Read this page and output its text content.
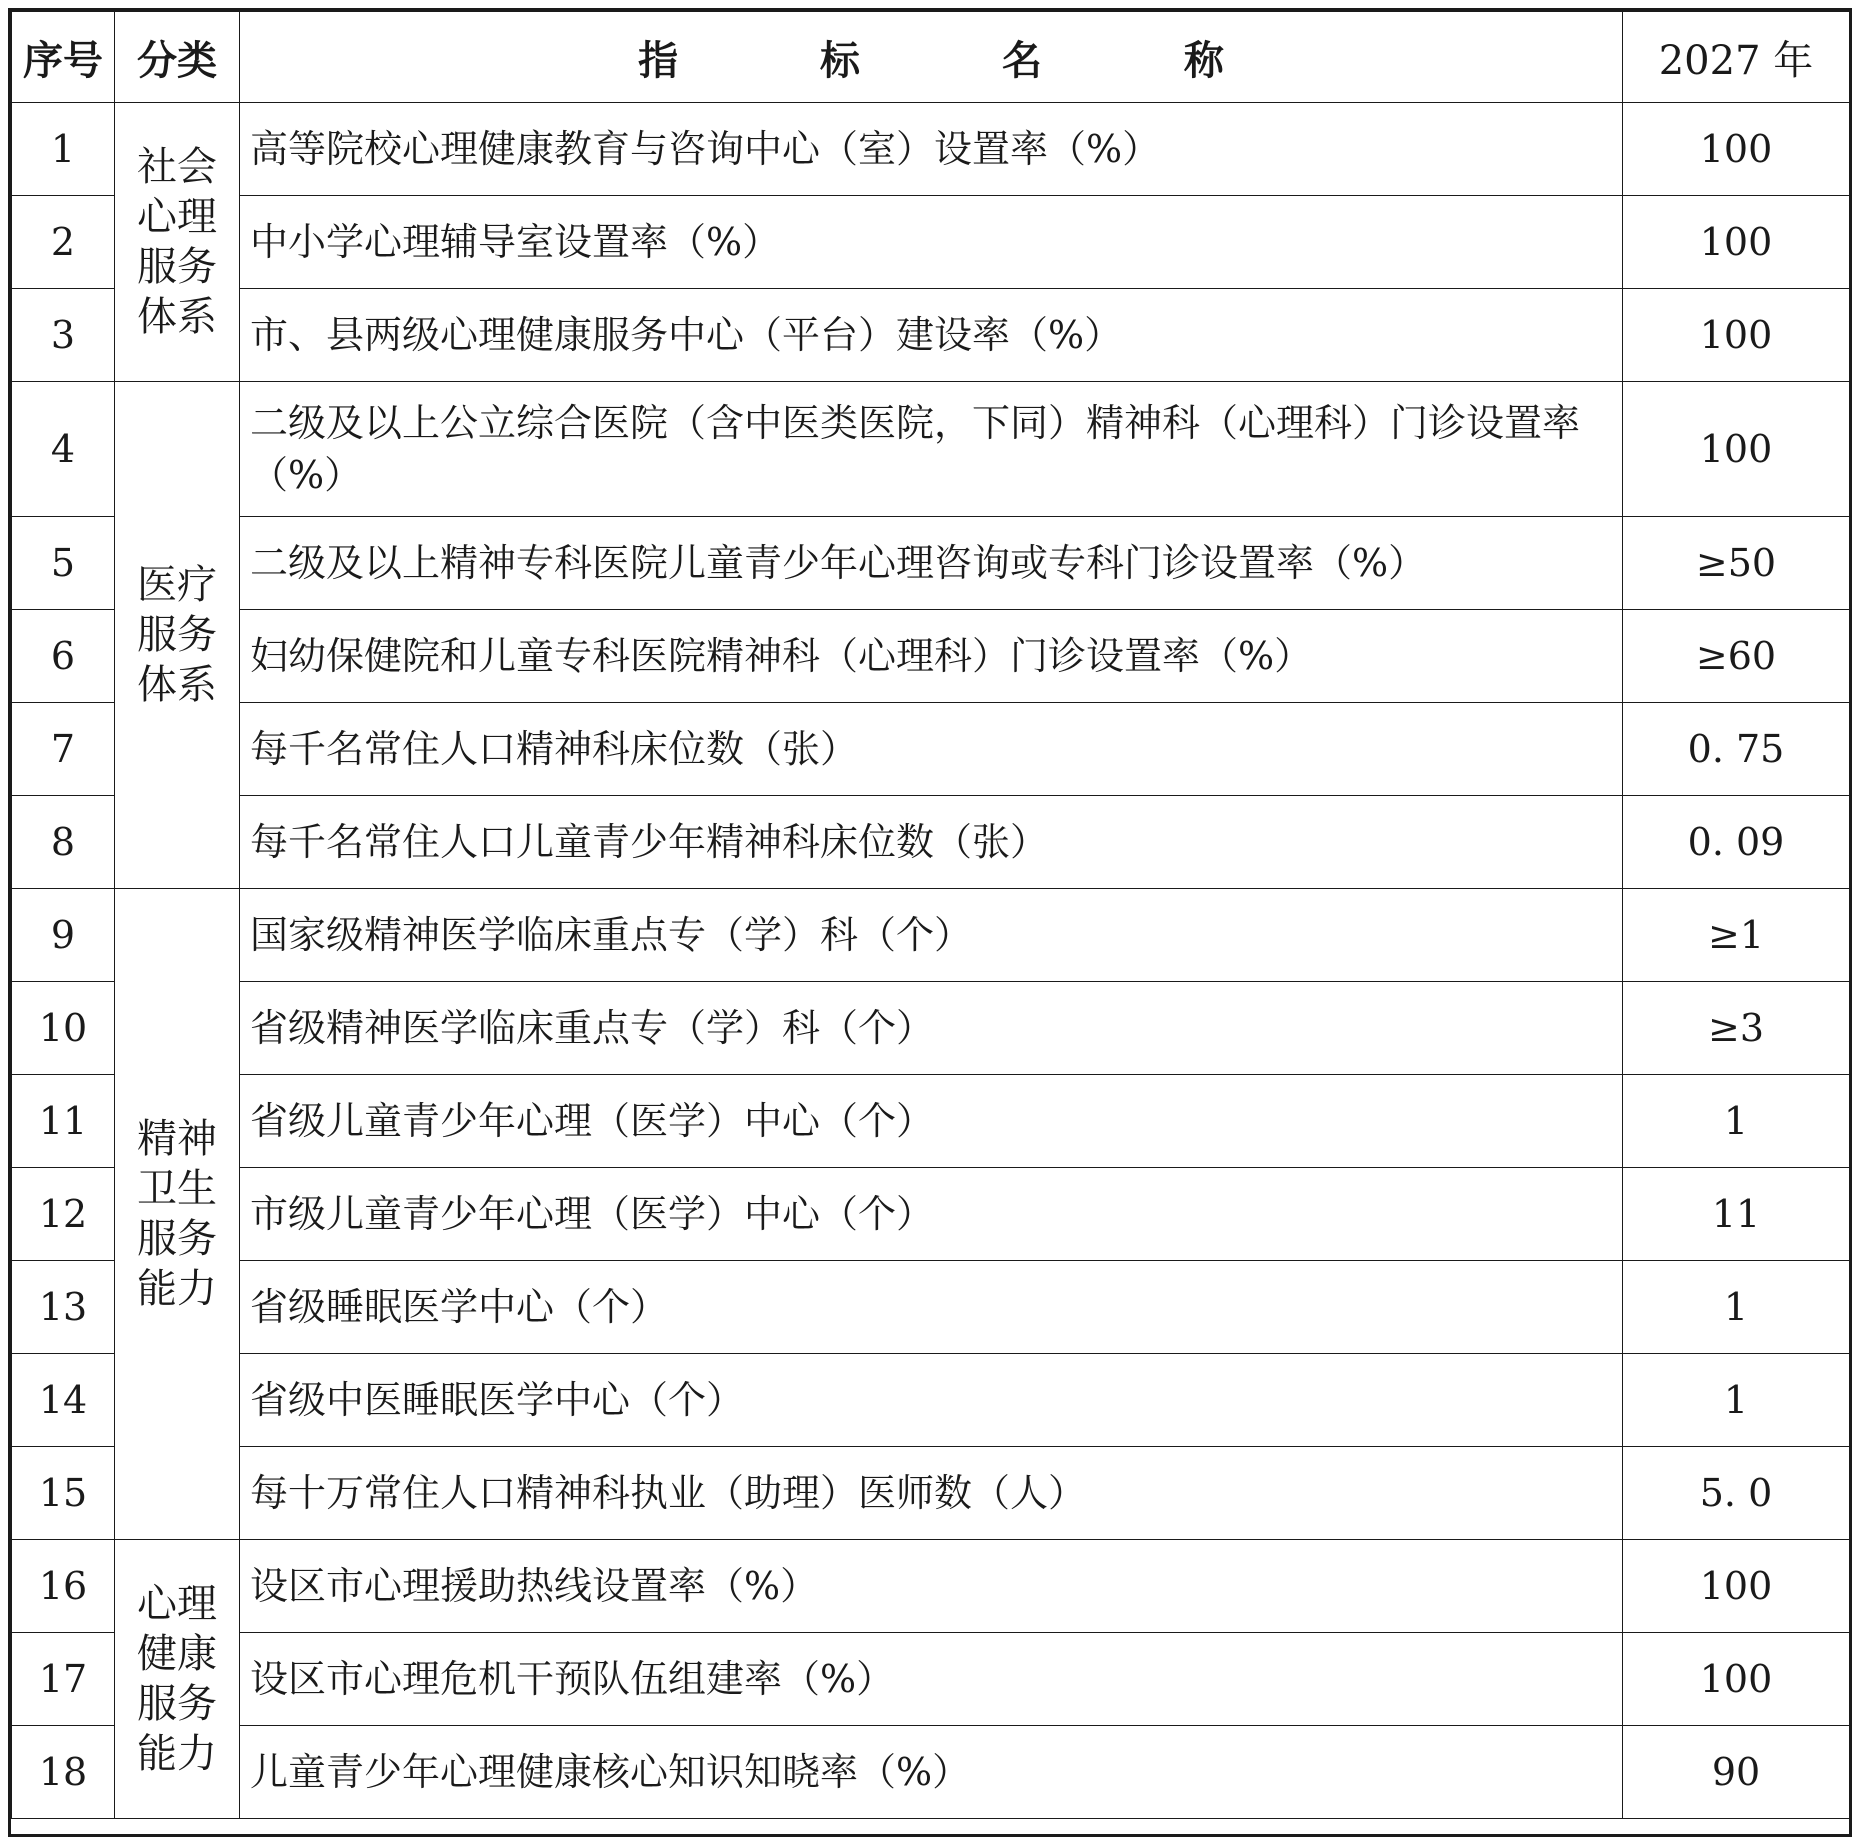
序号	分类	指 标 名 称	2027 年
1	社会心理服务体系	高等院校心理健康教育与咨询中心（室）设置率（%）	100
2		中小学心理辅导室设置率（%）	100
3		市、县两级心理健康服务中心（平台）建设率（%）	100
4	医疗服务体系	二级及以上公立综合医院（含中医类医院，下同）精神科（心理科）门诊设置率（%）	100
5		二级及以上精神专科医院儿童青少年心理咨询或专科门诊设置率（%）	≥50
6		妇幼保健院和儿童专科医院精神科（心理科）门诊设置率（%）	≥60
7		每千名常住人口精神科床位数（张）	0. 75
8		每千名常住人口儿童青少年精神科床位数（张）	0. 09
9	精神卫生服务能力	国家级精神医学临床重点专（学）科（个）	≥1
10		省级精神医学临床重点专（学）科（个）	≥3
11		省级儿童青少年心理（医学）中心（个）	1
12		市级儿童青少年心理（医学）中心（个）	11
13		省级睡眠医学中心（个）	1
14		省级中医睡眠医学中心（个）	1
15		每十万常住人口精神科执业（助理）医师数（人）	5. 0
16	心理健康服务能力	设区市心理援助热线设置率（%）	100
17		设区市心理危机干预队伍组建率（%）	100
18		儿童青少年心理健康核心知识知晓率（%）	90
